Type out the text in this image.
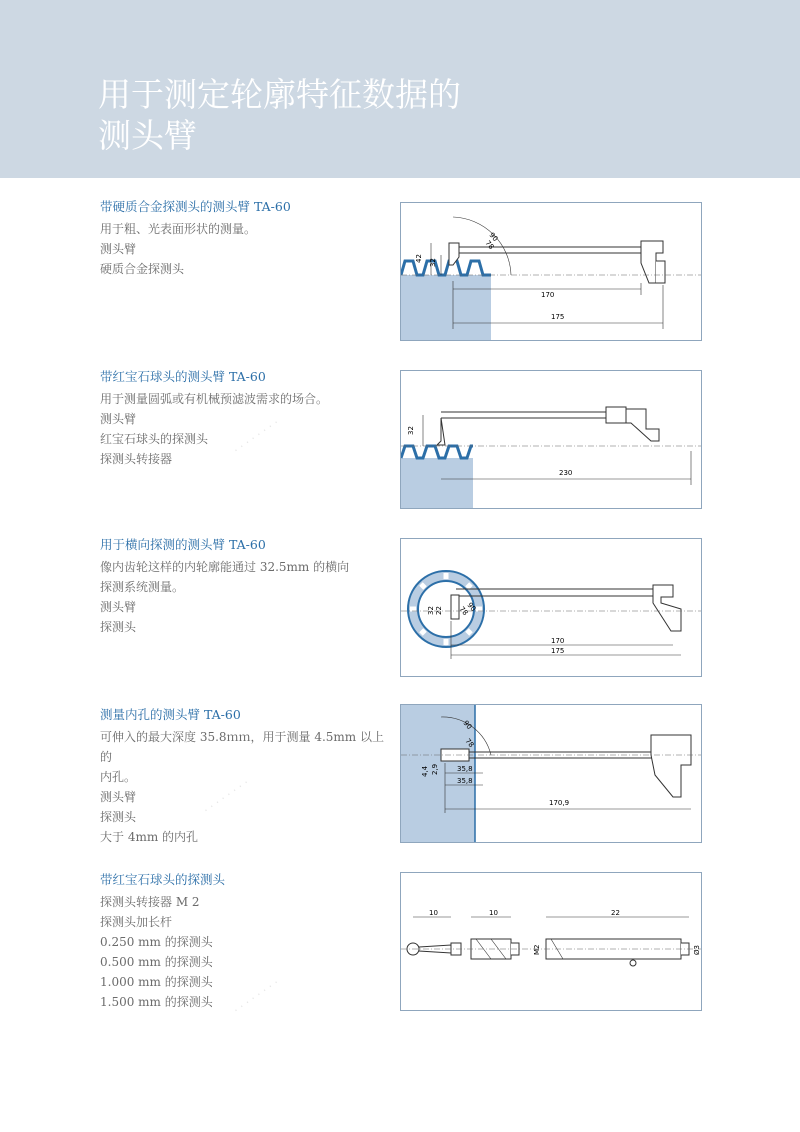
用于测定轮廓特征数据的
测头臂
· · · · · · · ·
· · · · · · · ·
· · · · · · · ·

带硬质合金探测头的测头臂 TA-60

用于粗、光表面形状的测量。

测头臂

硬质合金探测头

42 32
90
78
170
175

带红宝石球头的测头臂 TA-60

用于测量圆弧或有机械预滤波需求的场合。

测头臂

红宝石球头的探测头

探测头转接器

32
230

用于横向探测的测头臂 TA-60

像内齿轮这样的内轮廓能通过 32.5mm 的横向

探测系统测量。

测头臂

探测头

32 22	90
78
170
175

测量内孔的测头臂 TA-60

可伸入的最大深度 35.8ｍｍ，用于测量 4.5mm 以上的

内孔。

测头臂

探测头

大于 4mm 的内孔

90
78
4,4 2,9	35,8
35,8
170,9

带红宝石球头的探测头

探测头转接器 M 2

探测头加长杆

0.250 mm 的探测头

0.500 mm 的探测头

1.000 mm 的探测头

1.500 mm 的探测头

10	10	22
M2	Ø3
